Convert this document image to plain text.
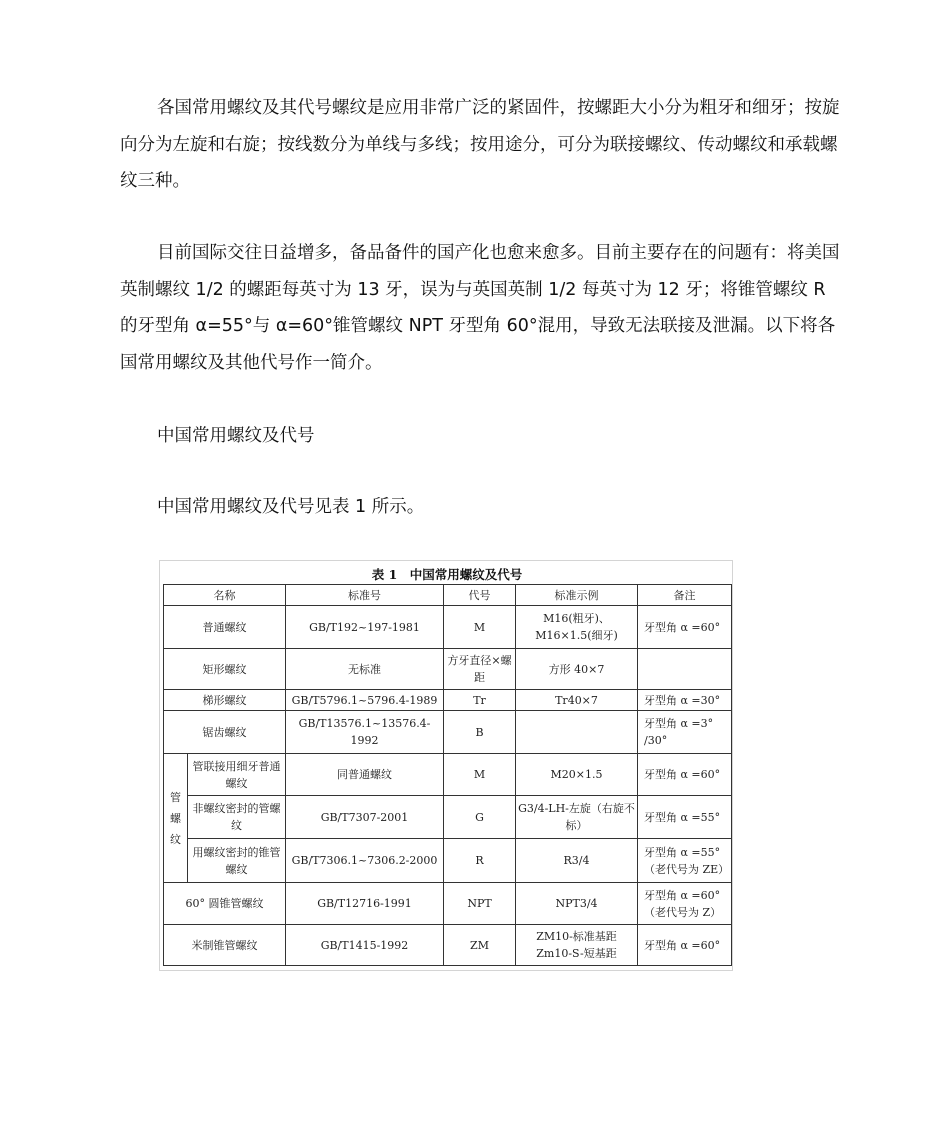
各国常用螺纹及其代号螺纹是应用非常广泛的紧固件，按螺距大小分为粗牙和细牙；按旋向分为左旋和右旋；按线数分为单线与多线；按用途分，可分为联接螺纹、传动螺纹和承载螺纹三种。

目前国际交往日益增多，备品备件的国产化也愈来愈多。目前主要存在的问题有：将美国英制螺纹 1/2 的螺距每英寸为 13 牙，误为与英国英制 1/2 每英寸为 12 牙；将锥管螺纹 R 的牙型角 α=55°与 α=60°锥管螺纹 NPT 牙型角 60°混用，导致无法联接及泄漏。以下将各国常用螺纹及其他代号作一简介。

中国常用螺纹及代号

中国常用螺纹及代号见表 1 所示。

表 1　中国常用螺纹及代号
名称		标准号	代号	标准示例	备注
普通螺纹		GB/T192~197-1981	M	M16(粗牙)、M16×1.5(细牙)	牙型角 α =60°
矩形螺纹		无标准	方牙直径×螺距	方形 40×7	
梯形螺纹		GB/T5796.1~5796.4-1989	Tr	Tr40×7	牙型角 α =30°
锯齿螺纹		GB/T13576.1~13576.4-1992	B		牙型角 α =3° /30°
管
螺
纹	管联接用细牙普通螺纹	同普通螺纹	M	M20×1.5	牙型角 α =60°
	非螺纹密封的管螺纹	GB/T7307-2001	G	G3/4-LH-左旋（右旋不标）	牙型角 α =55°
	用螺纹密封的锥管螺纹	GB/T7306.1~7306.2-2000	R	R3/4	牙型角 α =55°（老代号为 ZE）
60° 圆锥管螺纹		GB/T12716-1991	NPT	NPT3/4	牙型角 α =60°（老代号为 Z）
米制锥管螺纹		GB/T1415-1992	ZM	ZM10-标准基距 Zm10-S-短基距	牙型角 α =60°
